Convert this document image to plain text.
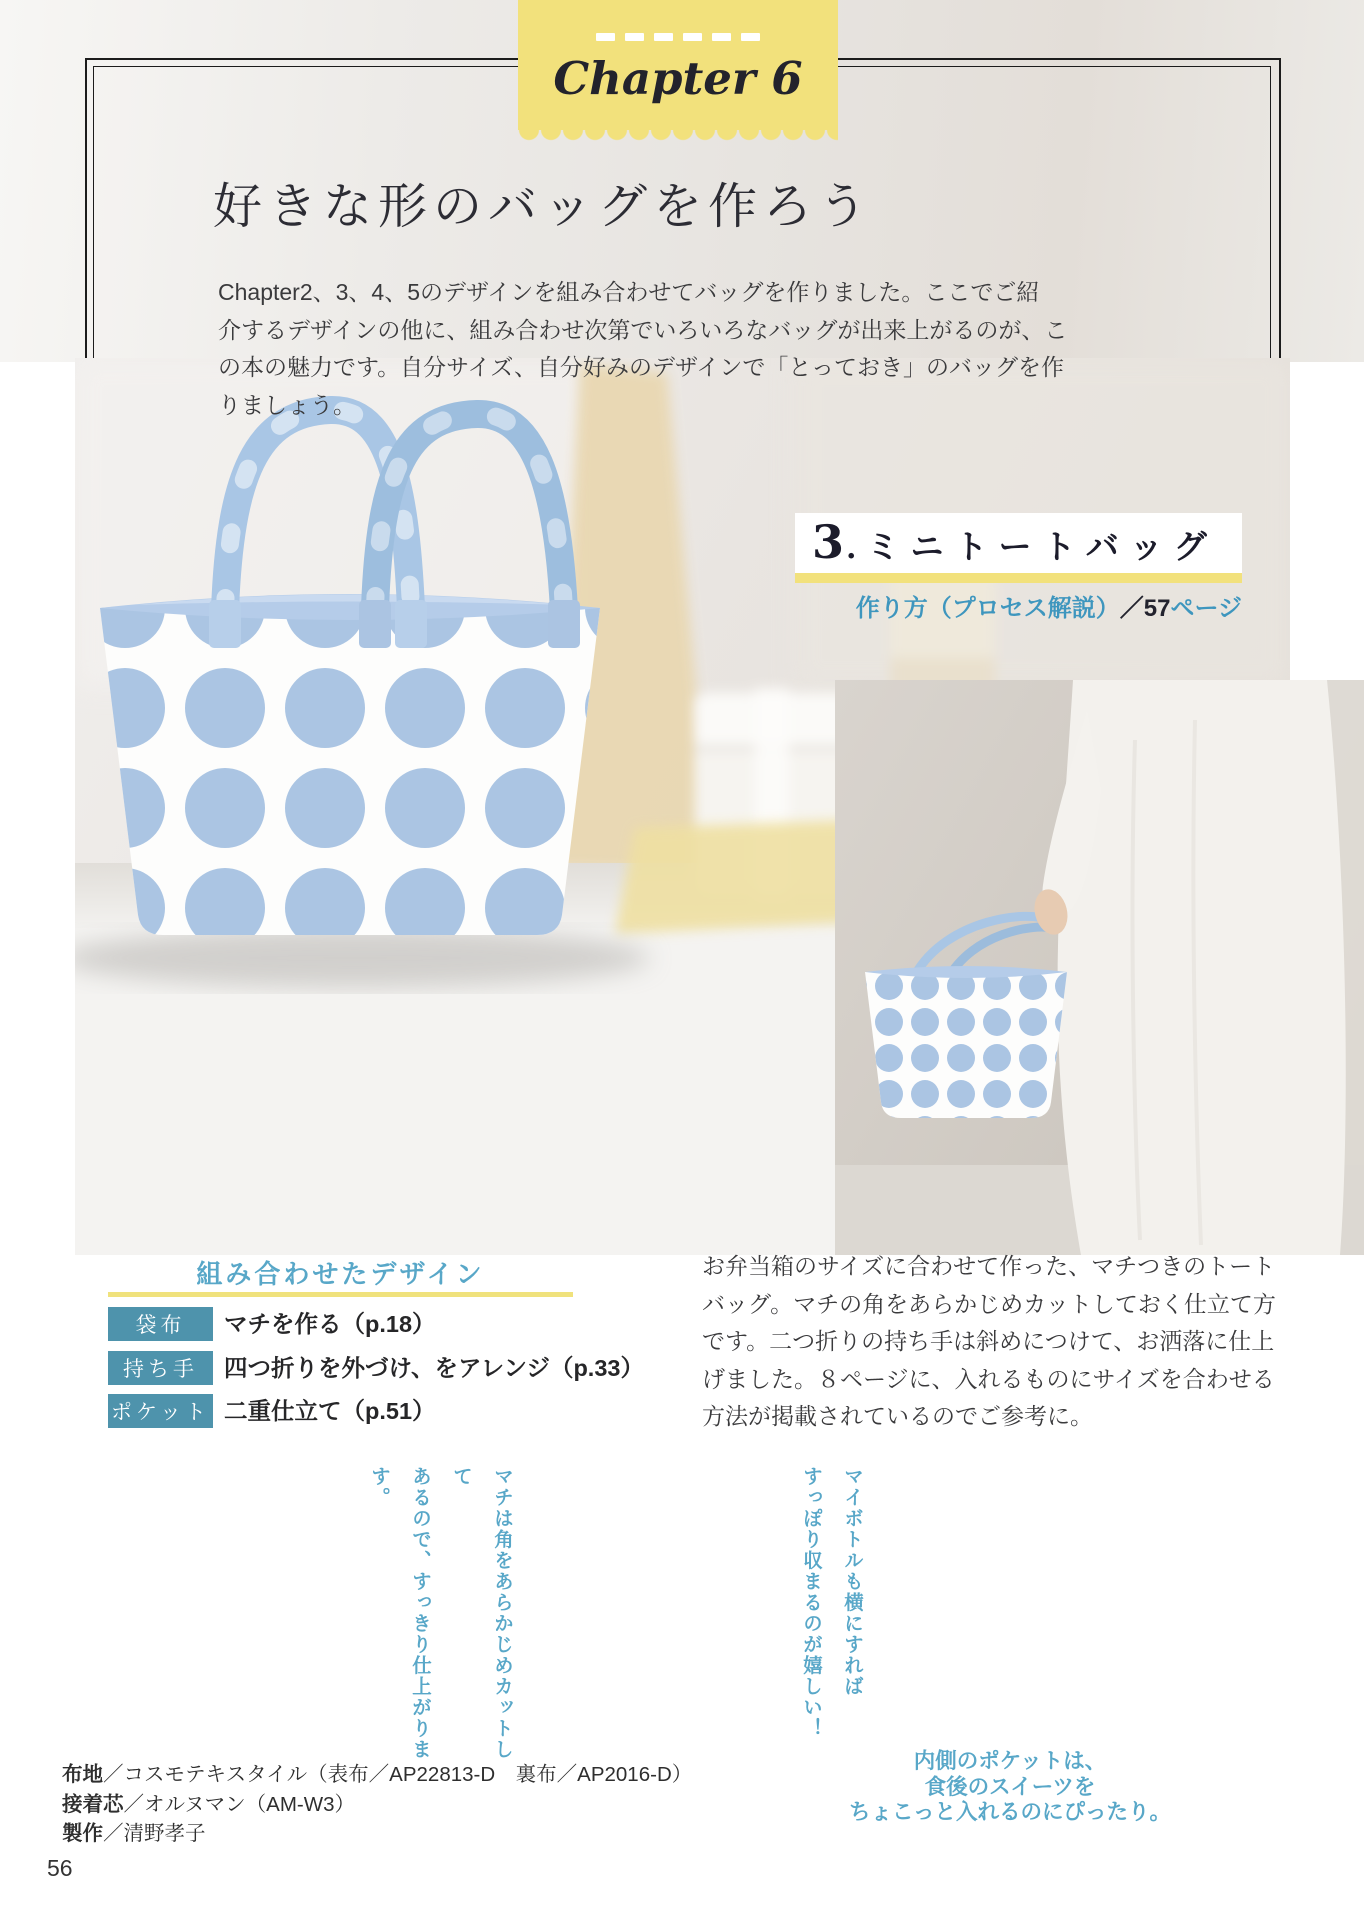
Chapter 6
好きな形のバッグを作ろう
Chapter2、3、4、5のデザインを組み合わせてバッグを作りました。ここでご紹
介するデザインの他に、組み合わせ次第でいろいろなバッグが出来上がるのが、こ
の本の魅力です。自分サイズ、自分好みのデザインで「とっておき」のバッグを作
りましょう。
3 . ミニトートバッグ
作り方（プロセス解説）／57ページ
組み合わせたデザイン
袋布	マチを作る（p.18）
持ち手	四つ折りを外づけ、をアレンジ（p.33）
ポケット 二重仕立て（p.51）
お弁当箱のサイズに合わせて作った、マチつきのトート
バッグ。マチの角をあらかじめカットしておく仕立て方
です。二つ折りの持ち手は斜めにつけて、お洒落に仕上
げました。８ページに、入れるものにサイズを合わせる
方法が掲載されているのでご参考に。
マチは角をあらかじめカットして
あるので、すっきり仕上がります。	マイボトルも横にすれば
すっぽり収まるのが嬉しい！
内側のポケットは、
食後のスイーツを
ちょこっと入れるのにぴったり。
布地／コスモテキスタイル（表布／AP22813-D　裏布／AP2016-D）
接着芯／オルヌマン（AM-W3）
製作／清野孝子
56
